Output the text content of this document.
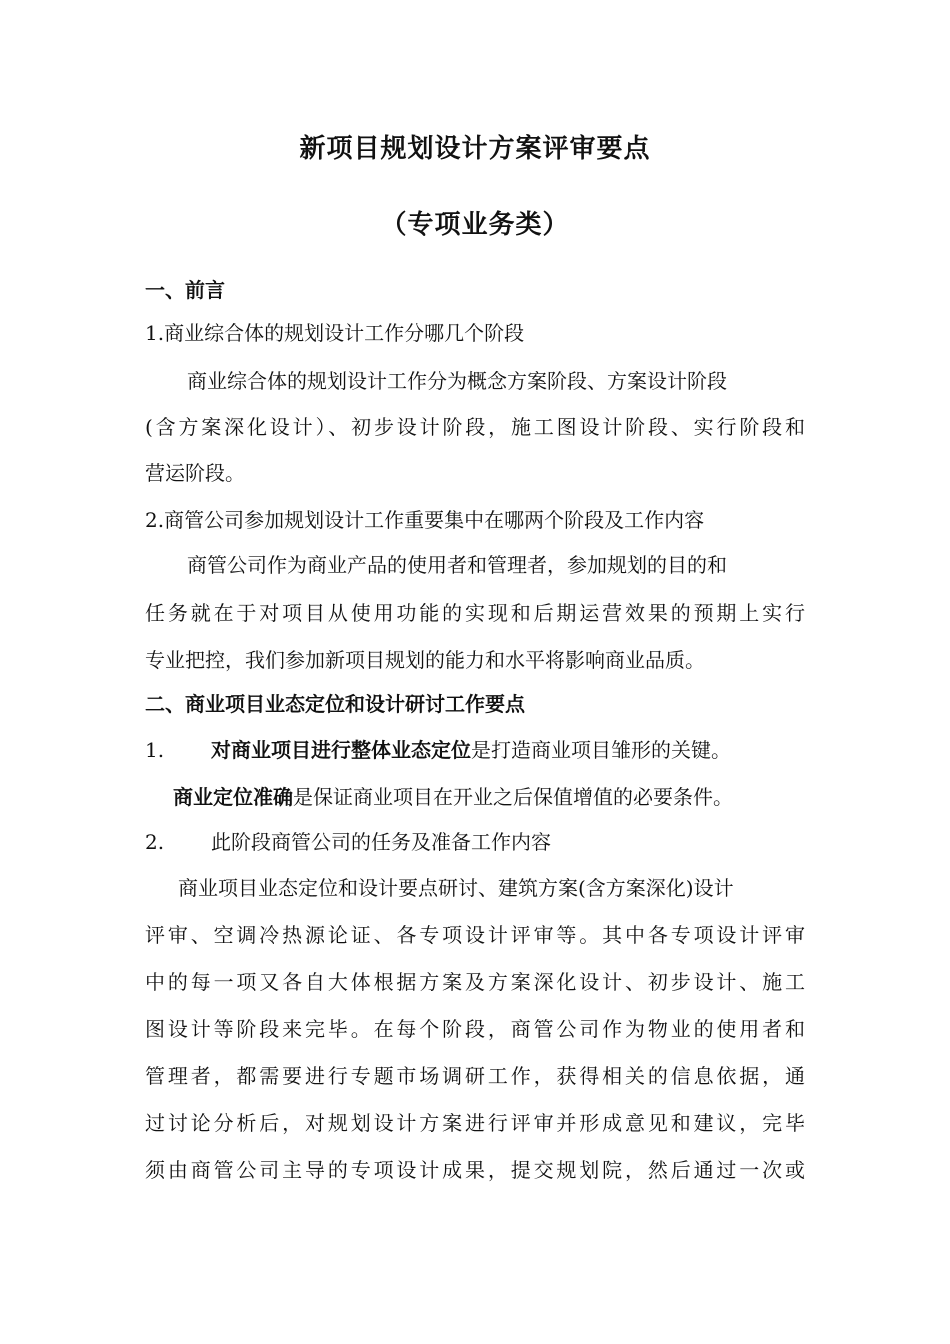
新项目规划设计方案评审要点
（专项业务类）
一、前言
1.商业综合体的规划设计工作分哪几个阶段
商业综合体的规划设计工作分为概念方案阶段、方案设计阶段
(含方案深化设计）、初步设计阶段，施工图设计阶段、实行阶段和
营运阶段。
2.商管公司参加规划设计工作重要集中在哪两个阶段及工作内容
商管公司作为商业产品的使用者和管理者，参加规划的目的和
任务就在于对项目从使用功能的实现和后期运营效果的预期上实行
专业把控，我们参加新项目规划的能力和水平将影响商业品质。
二、商业项目业态定位和设计研讨工作要点
1. 对商业项目进行整体业态定位是打造商业项目雏形的关键。
商业定位准确是保证商业项目在开业之后保值增值的必要条件。
2. 此阶段商管公司的任务及准备工作内容
商业项目业态定位和设计要点研讨、建筑方案(含方案深化)设计
评审、空调冷热源论证、各专项设计评审等。其中各专项设计评审
中的每一项又各自大体根据方案及方案深化设计、初步设计、施工
图设计等阶段来完毕。在每个阶段，商管公司作为物业的使用者和
管理者，都需要进行专题市场调研工作，获得相关的信息依据，通
过讨论分析后，对规划设计方案进行评审并形成意见和建议，完毕
须由商管公司主导的专项设计成果，提交规划院，然后通过一次或
